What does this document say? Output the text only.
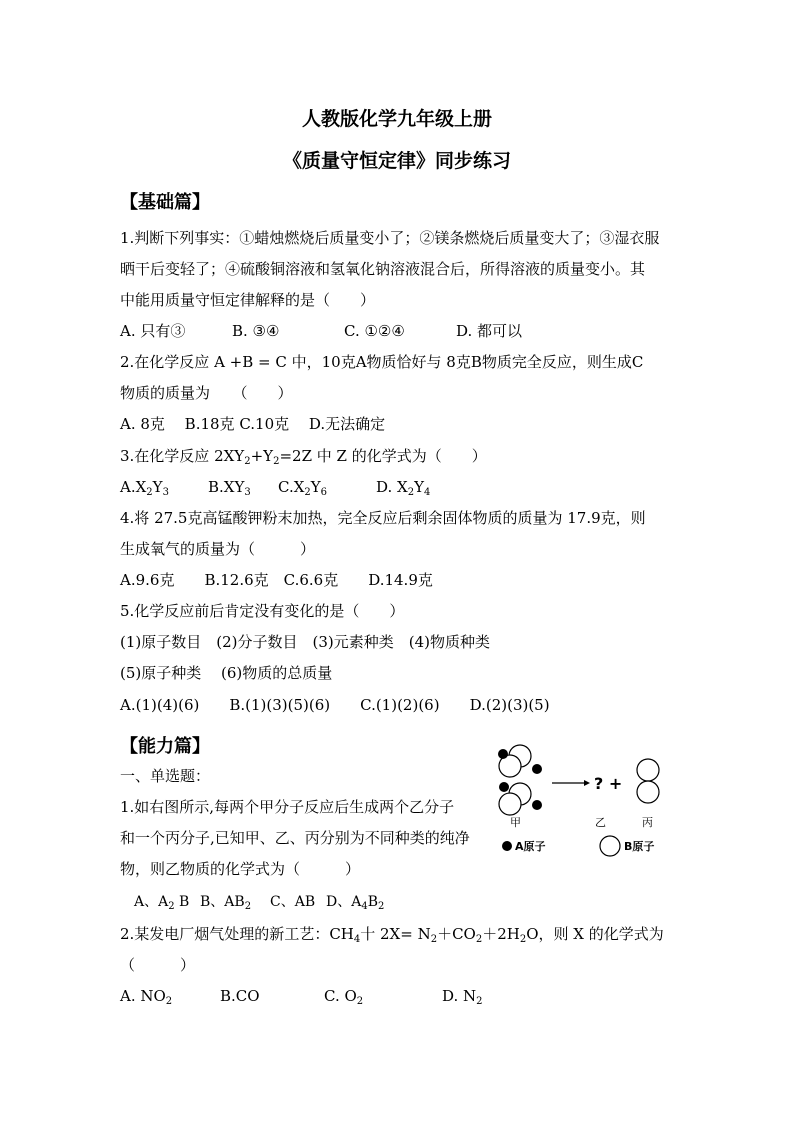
人教版化学九年级上册
《质量守恒定律》同步练习
【基础篇】
1.判断下列事实：①蜡烛燃烧后质量变小了；②镁条燃烧后质量变大了；③湿衣服
晒干后变轻了；④硫酸铜溶液和氢氧化钠溶液混合后，所得溶液的质量变小。其
中能用质量守恒定律解释的是（　　）
A. 只有③	B. ③④	C. ①②④	D. 都可以
2.在化学反应 A +B = C 中，10克A物质恰好与 8克B物质完全反应，则生成C
物质的质量为　　（　　）
A. 8克　 B.18克 C.10克　 D.无法确定
3.在化学反应 $2XY_2+Y_2=2Z$ 中 Z 的化学式为（　　）
$A.X_2Y_3$	$B.XY_3$ $C.X_2Y_6$	D. $X_2Y_4$
4.将 27.5克高锰酸钾粉末加热，完全反应后剩余固体物质的质量为 17.9克，则
生成氧气的质量为（　　　）
A.9.6克　　B.12.6克　C.6.6克　　D.14.9克
5.化学反应前后肯定没有变化的是（　　）
(1)原子数目　(2)分子数目　(3)元素种类　(4)物质种类
(5)原子种类　 (6)物质的总质量
A.(1)(4)(6)　　B.(1)(3)(5)(6)　　C.(1)(2)(6)　　D.(2)(3)(5)
【能力篇】
一、单选题：
1.如右图所示,每两个甲分子反应后生成两个乙分子
和一个丙分子,已知甲、乙、丙分别为不同种类的纯净
物，则乙物质的化学式为（　　　）
A、$A_2$ B B、$AB_2$ C、AB D、$A_4B_2$
2.某发电厂烟气处理的新工艺：$CH_4$十 $2X= N_2+CO_2+2H_2O$，则 X 的化学式为
（　　　）
A. $NO_2$	B.CO	C. $O_2$	D. $N_2$
? +
甲	乙	丙
A原子	B原子
